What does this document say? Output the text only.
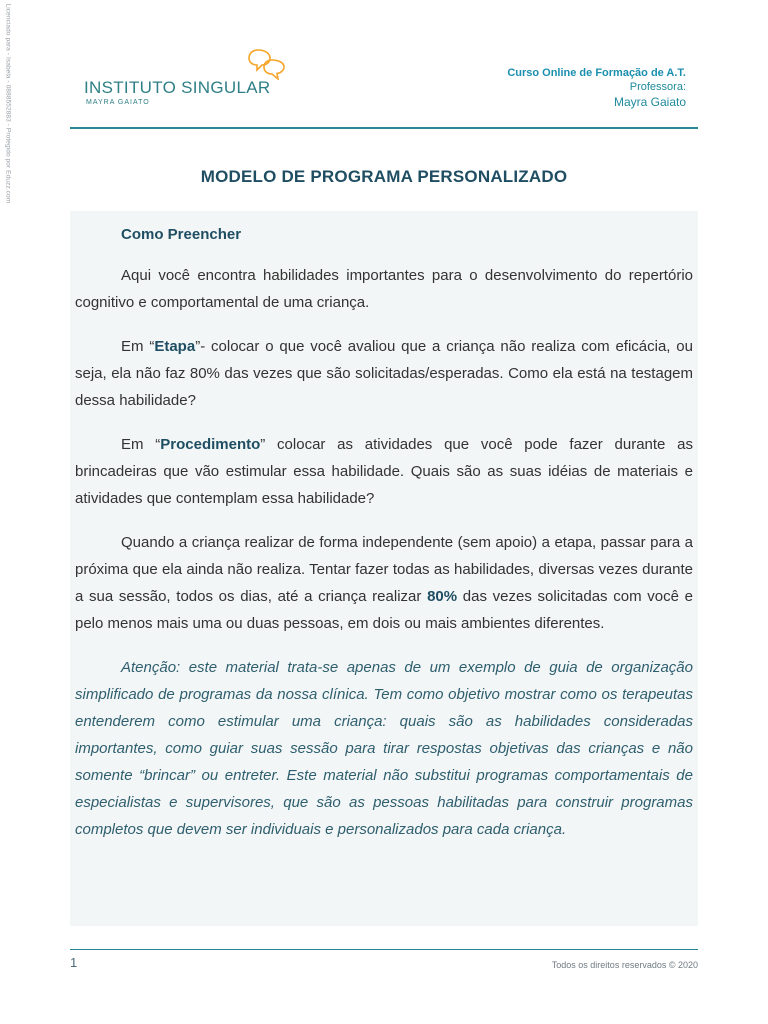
Licenciado para - Isabela - 0888552883 - Protegido por Eduzz.com	INSTITUTO SINGULAR
MAYRA GAIATO
Curso Online de Formação de A.T.
Professora:
Mayra Gaiato
MODELO DE PROGRAMA PERSONALIZADO
Como Preencher

Aqui você encontra habilidades importantes para o desenvolvimento do repertório cognitivo e comportamental de uma criança.

Em “Etapa”- colocar o que você avaliou que a criança não realiza com eficácia, ou seja, ela não faz 80% das vezes que são solicitadas/esperadas. Como ela está na testagem dessa habilidade?

Em “Procedimento” colocar as atividades que você pode fazer durante as brincadeiras que vão estimular essa habilidade. Quais são as suas idéias de materiais e atividades que contemplam essa habilidade?

Quando a criança realizar de forma independente (sem apoio) a etapa, passar para a próxima que ela ainda não realiza. Tentar fazer todas as habilidades, diversas vezes durante a sua sessão, todos os dias, até a criança realizar 80% das vezes solicitadas com você e pelo menos mais uma ou duas pessoas, em dois ou mais ambientes diferentes.

Atenção: este material trata-se apenas de um exemplo de guia de organização simplificado de programas da nossa clínica. Tem como objetivo mostrar como os terapeutas entenderem como estimular uma criança: quais são as habilidades consideradas importantes, como guiar suas sessão para tirar respostas objetivas das crianças e não somente “brincar” ou entreter. Este material não substitui programas comportamentais de especialistas e supervisores, que são as pessoas habilitadas para construir programas completos que devem ser individuais e personalizados para cada criança.

1	Todos os direitos reservados © 2020
